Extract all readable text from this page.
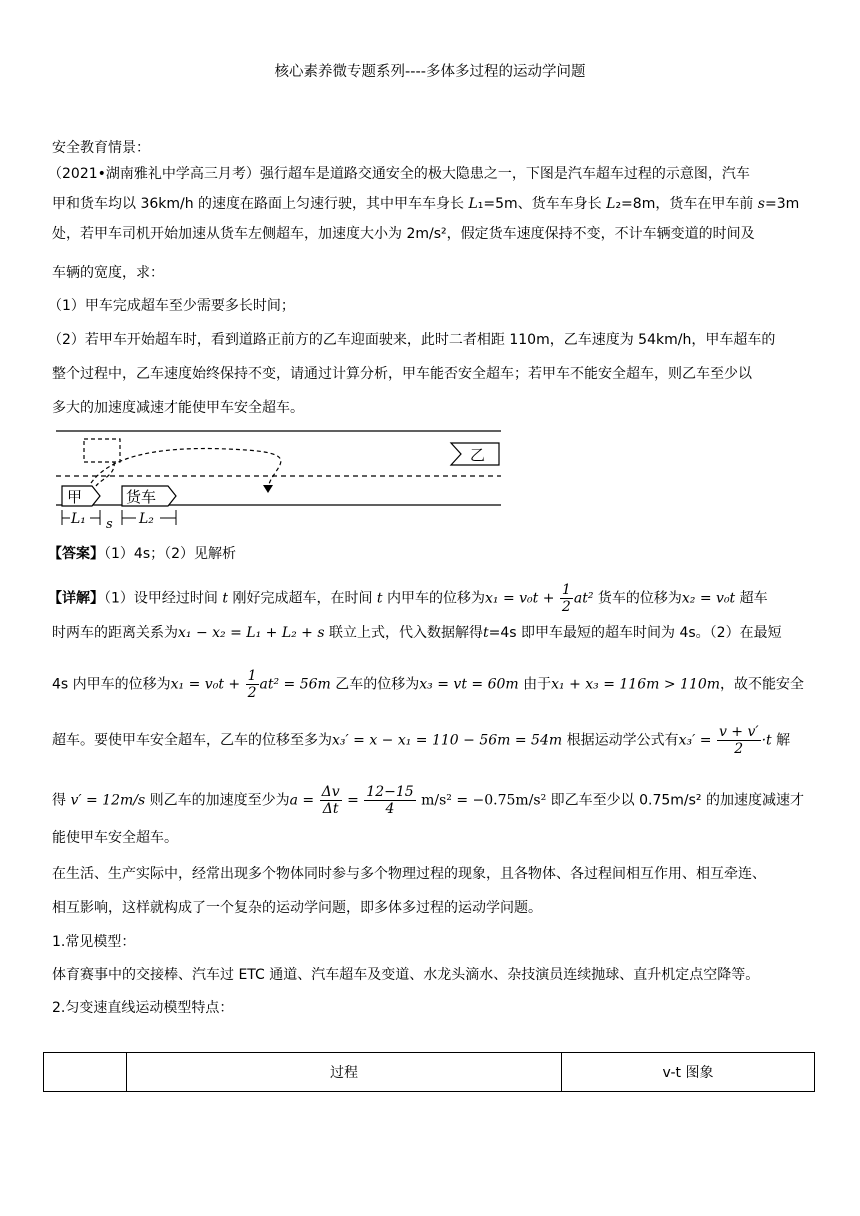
核心素养微专题系列----多体多过程的运动学问题
安全教育情景：
（2021•湖南雅礼中学高三月考）强行超车是道路交通安全的极大隐患之一，下图是汽车超车过程的示意图，汽车
甲和货车均以 36km/h 的速度在路面上匀速行驶，其中甲车车身长 L₁=5m、货车车身长 L₂=8m，货车在甲车前 s=3m
处，若甲车司机开始加速从货车左侧超车，加速度大小为 2m/s²，假定货车速度保持不变，不计车辆变道的时间及
车辆的宽度，求：
（1）甲车完成超车至少需要多长时间；
（2）若甲车开始超车时，看到道路正前方的乙车迎面驶来，此时二者相距 110m，乙车速度为 54km/h，甲车超车的
整个过程中，乙车速度始终保持不变，请通过计算分析，甲车能否安全超车；若甲车不能安全超车，则乙车至少以
多大的加速度减速才能使甲车安全超车。
甲	货车
乙
L₁ s L₂
【答案】（1）4s；（2）见解析
【详解】（1）设甲经过时间 t 刚好完成超车，在时间 t 内甲车的位移为$x_1 = v_0t + \frac{1}{2} at^2$ 货车的位移为x₂ = v₀t 超车
时两车的距离关系为x₁ − x₂ = L₁ + L₂ + s 联立上式，代入数据解得t=4s 即甲车最短的超车时间为 4s。（2）在最短
4s 内甲车的位移为$x_1 = v_0t + \frac{1}{2} at^2 = 56m$ 乙车的位移为x₃ = vt = 60m 由于x₁ + x₃ = 116m > 110m，故不能安全
超车。要使甲车安全超车，乙车的位移至多为x₃′ = x − x₁ = 110 − 56m = 54m 根据运动学公式有$x_3' = \frac{v + v'}{2} \cdot t$ 解
得 v′ = 12m/s 则乙车的加速度至少为$a = \frac{\Delta v}{\Delta t} = \frac{12-15}{4} m/s^2 = -0.75m/s^2$ 即乙车至少以 0.75m/s² 的加速度减速才
能使甲车安全超车。
在生活、生产实际中，经常出现多个物体同时参与多个物理过程的现象，且各物体、各过程间相互作用、相互牵连、
相互影响，这样就构成了一个复杂的运动学问题，即多体多过程的运动学问题。
1.常见模型：
体育赛事中的交接棒、汽车过 ETC 通道、汽车超车及变道、水龙头滴水、杂技演员连续抛球、直升机定点空降等。
2.匀变速直线运动模型特点：
	过程	v-t 图象
